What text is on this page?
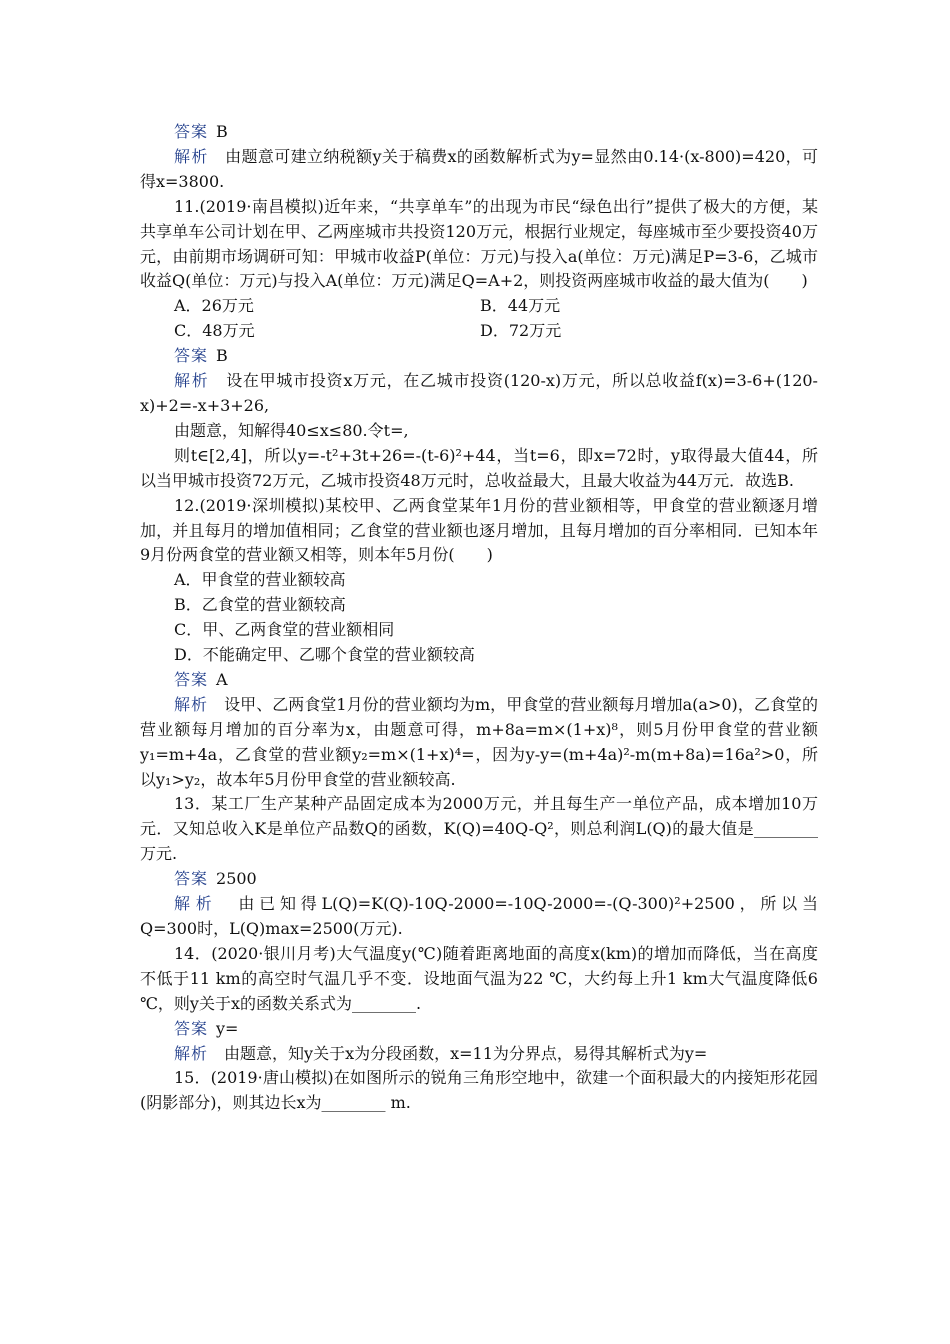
答案 B

解析　 由题意可建立纳税额y关于稿费x的函数解析式为y=显然由0.14·(x-800)=420，可得x=3800.

11.(2019·南昌模拟)近年来，“共享单车”的出现为市民“绿色出行”提供了极大的方便，某共享单车公司计划在甲、乙两座城市共投资120万元，根据行业规定，每座城市至少要投资40万元，由前期市场调研可知：甲城市收益P(单位：万元)与投入a(单位：万元)满足P=3-6，乙城市收益Q(单位：万元)与投入A(单位：万元)满足Q=A+2，则投资两座城市收益的最大值为(　　)

A．26万元	B．44万元
C．48万元	D．72万元

答案 B

解析　 设在甲城市投资x万元，在乙城市投资(120-x)万元，所以总收益f(x)=3-6+(120-x)+2=-x+3+26,

由题意，知解得40≤x≤80.令t=,

则t∈[2,4]，所以y=-t²+3t+26=-(t-6)²+44，当t=6，即x=72时，y取得最大值44，所以当甲城市投资72万元，乙城市投资48万元时，总收益最大，且最大收益为44万元．故选B.

12.(2019·深圳模拟)某校甲、乙两食堂某年1月份的营业额相等，甲食堂的营业额逐月增加，并且每月的增加值相同；乙食堂的营业额也逐月增加，且每月增加的百分率相同．已知本年9月份两食堂的营业额又相等，则本年5月份(　　)

A．甲食堂的营业额较高

B．乙食堂的营业额较高

C．甲、乙两食堂的营业额相同

D．不能确定甲、乙哪个食堂的营业额较高

答案 A

解析　 设甲、乙两食堂1月份的营业额均为m，甲食堂的营业额每月增加a(a>0)，乙食堂的营业额每月增加的百分率为x，由题意可得，m+8a=m×(1+x)⁸，则5月份甲食堂的营业额y₁=m+4a，乙食堂的营业额y₂=m×(1+x)⁴=，因为y-y=(m+4a)²-m(m+8a)=16a²>0，所以y₁>y₂，故本年5月份甲食堂的营业额较高.

13．某工厂生产某种产品固定成本为2000万元，并且每生产一单位产品，成本增加10万元．又知总收入K是单位产品数Q的函数，K(Q)=40Q-Q²，则总利润L(Q)的最大值是________万元.

答案 2500

解析　 由已知得L(Q)=K(Q)-10Q-2000=-10Q-2000=-(Q-300)²+2500，所以当Q=300时，L(Q)max=2500(万元).

14．(2020·银川月考)大气温度y(℃)随着距离地面的高度x(km)的增加而降低，当在高度不低于11 km的高空时气温几乎不变．设地面气温为22 ℃，大约每上升1 km大气温度降低6 ℃，则y关于x的函数关系式为________.

答案 y=

解析　 由题意，知y关于x为分段函数，x=11为分界点，易得其解析式为y=

15．(2019·唐山模拟)在如图所示的锐角三角形空地中，欲建一个面积最大的内接矩形花园(阴影部分)，则其边长x为________ m.
